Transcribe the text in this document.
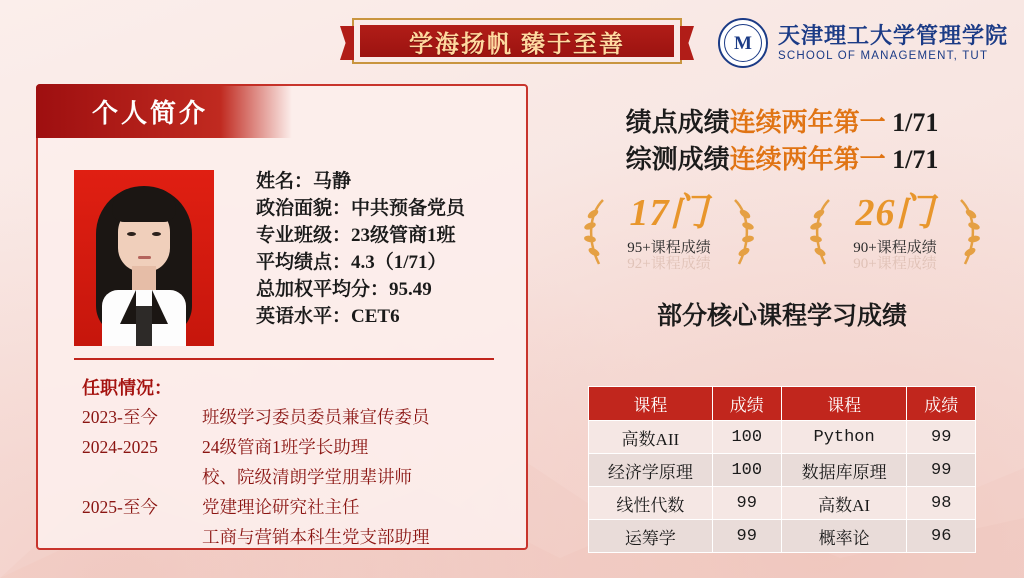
学海扬帆 臻于至善	M 天津理工大学管理学院
SCHOOL OF MANAGEMENT, TUT
个人简介
姓名：马静
政治面貌：中共预备党员
专业班级：23级管商1班
平均绩点：4.3（1/71）
总加权平均分：95.49
英语水平：CET6
任职情况：
2023-至今	班级学习委员委员兼宣传委员
2024-2025	24级管商1班学长助理
校、院级清朗学堂朋辈讲师
2025-至今	党建理论研究社主任
工商与营销本科生党支部助理
绩点成绩连续两年第一 1/71
综测成绩连续两年第一 1/71
17门
95+课程成绩
92+课程成绩
26门
90+课程成绩
90+课程成绩
部分核心课程学习成绩
课程	成绩	课程	成绩
高数AII	100	Python	99
经济学原理	100	数据库原理	99
线性代数	99	高数AI	98
运筹学	99	概率论	96
